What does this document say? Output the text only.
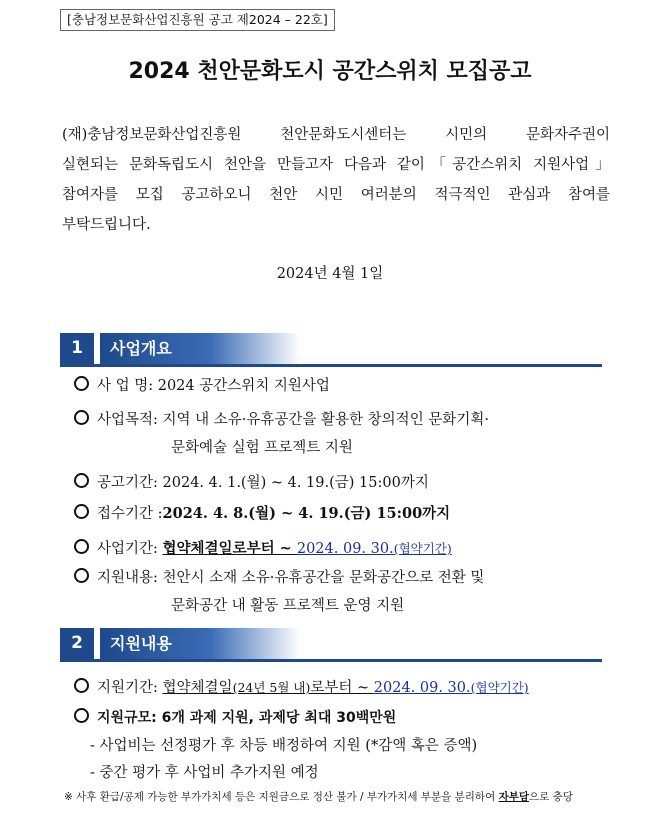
[충남정보문화산업진흥원 공고 제2024 – 22호]
2024 천안문화도시 공간스위치 모집공고
(재)충남정보문화산업진흥원 천안문화도시센터는 시민의 문화자주권이
실현되는 문화독립도시 천안을 만들고자 다음과 같이「공간스위치 지원사업」
참여자를 모집 공고하오니 천안 시민 여러분의 적극적인 관심과 참여를
부탁드립니다.
2024년 4월 1일
1	사업개요
사 업 명: 2024 공간스위치 지원사업
사업목적: 지역 내 소유·유휴공간을 활용한 창의적인 문화기획·
문화예술 실험 프로젝트 지원
공고기간: 2024. 4. 1.(월) ~ 4. 19.(금) 15:00까지
접수기간 :2024. 4. 8.(월) ~ 4. 19.(금) 15:00까지
사업기간: 협약체결일로부터 ~ 2024. 09. 30.(협약기간)
지원내용: 천안시 소재 소유·유휴공간을 문화공간으로 전환 및
문화공간 내 활동 프로젝트 운영 지원
2	지원내용
지원기간: 협약체결일(24년 5월 내)로부터 ~ 2024. 09. 30.(협약기간)
지원규모: 6개 과제 지원, 과제당 최대 30백만원
- 사업비는 선정평가 후 차등 배정하여 지원 (*감액 혹은 증액)
- 중간 평가 후 사업비 추가지원 예정
※ 사후 환급/공제 가능한 부가가치세 등은 지원금으로 정산 불가 / 부가가치세 부분을 분리하여 자부담으로 충당
